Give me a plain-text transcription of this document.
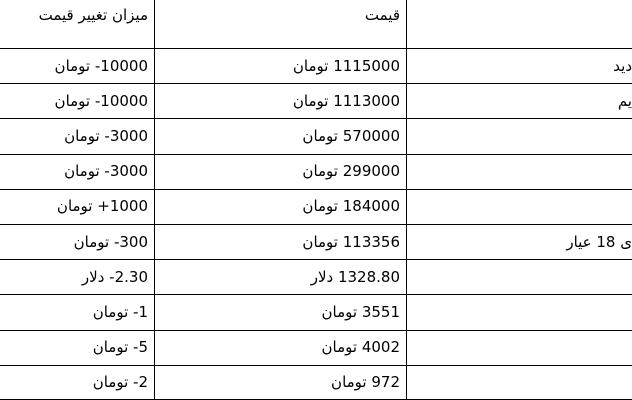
میزان تغییر قیمت	قیمت	
10000- تومان	1115000 تومان	دید
10000- تومان	1113000 تومان	یم
3000- تومان	570000 تومان	
3000- تومان	299000 تومان	
1000+ تومان	184000 تومان	
300- تومان	113356 تومان	ی 18 عیار
2.30- دلار	1328.80 دلار	
1- تومان	3551 تومان	
5- تومان	4002 تومان	
2- تومان	972 تومان	
